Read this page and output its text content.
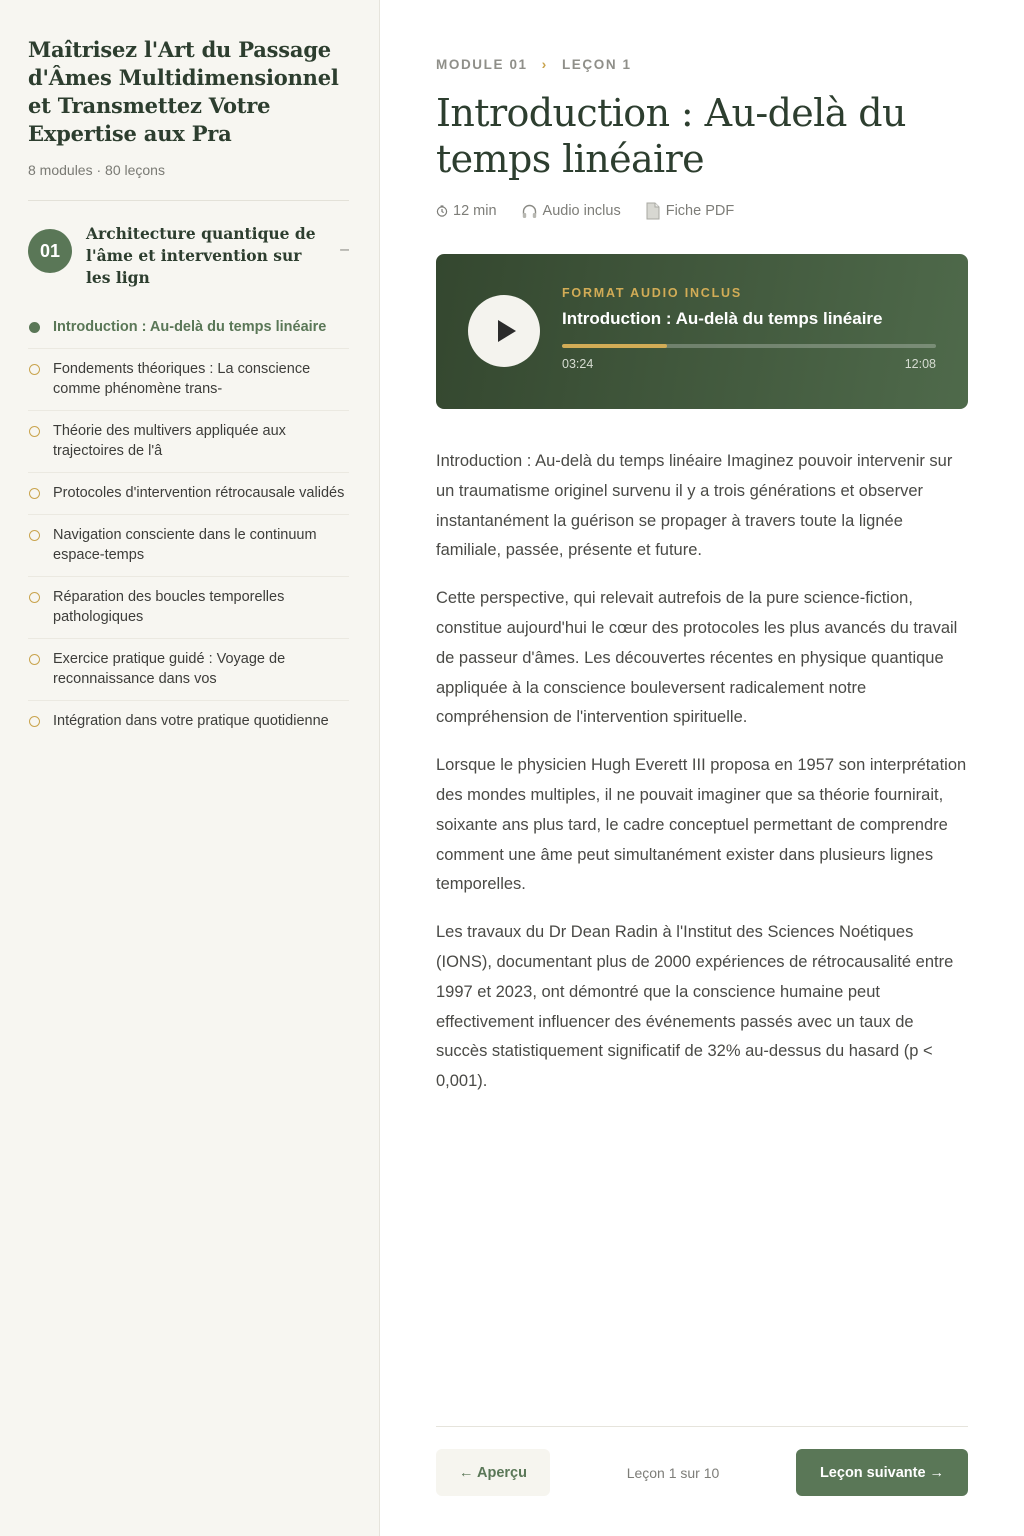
Maîtrisez l'Art du Passage d'Âmes Multidimensionnel et Transmettez Votre Expertise aux Pra
8 modules · 80 leçons
01
Architecture quantique de l'âme et intervention sur les lign
–
Introduction : Au-delà du temps linéaire
Fondements théoriques : La conscience comme phénomène trans-
Théorie des multivers appliquée aux trajectoires de l'â
Protocoles d'intervention rétrocausale validés
Navigation consciente dans le continuum espace-temps
Réparation des boucles temporelles pathologiques
Exercice pratique guidé : Voyage de reconnaissance dans vos
Intégration dans votre pratique quotidienne
MODULE 01 › LEÇON 1
Introduction : Au-delà du temps linéaire
12 min	Audio inclus	Fiche PDF
FORMAT AUDIO INCLUS
Introduction : Au-delà du temps linéaire
03:24	12:08

Introduction : Au-delà du temps linéaire Imaginez pouvoir intervenir sur un traumatisme originel survenu il y a trois générations et observer instantanément la guérison se propager à travers toute la lignée familiale, passée, présente et future.

Cette perspective, qui relevait autrefois de la pure science-fiction, constitue aujourd'hui le cœur des protocoles les plus avancés du travail de passeur d'âmes. Les découvertes récentes en physique quantique appliquée à la conscience bouleversent radicalement notre compréhension de l'intervention spirituelle.

Lorsque le physicien Hugh Everett III proposa en 1957 son interprétation des mondes multiples, il ne pouvait imaginer que sa théorie fournirait, soixante ans plus tard, le cadre conceptuel permettant de comprendre comment une âme peut simultanément exister dans plusieurs lignes temporelles.

Les travaux du Dr Dean Radin à l'Institut des Sciences Noétiques (IONS), documentant plus de 2000 expériences de rétrocausalité entre 1997 et 2023, ont démontré que la conscience humaine peut effectivement influencer des événements passés avec un taux de succès statistiquement significatif de 32% au-dessus du hasard (p < 0,001).

← Aperçu	Leçon 1 sur 10	Leçon suivante →
